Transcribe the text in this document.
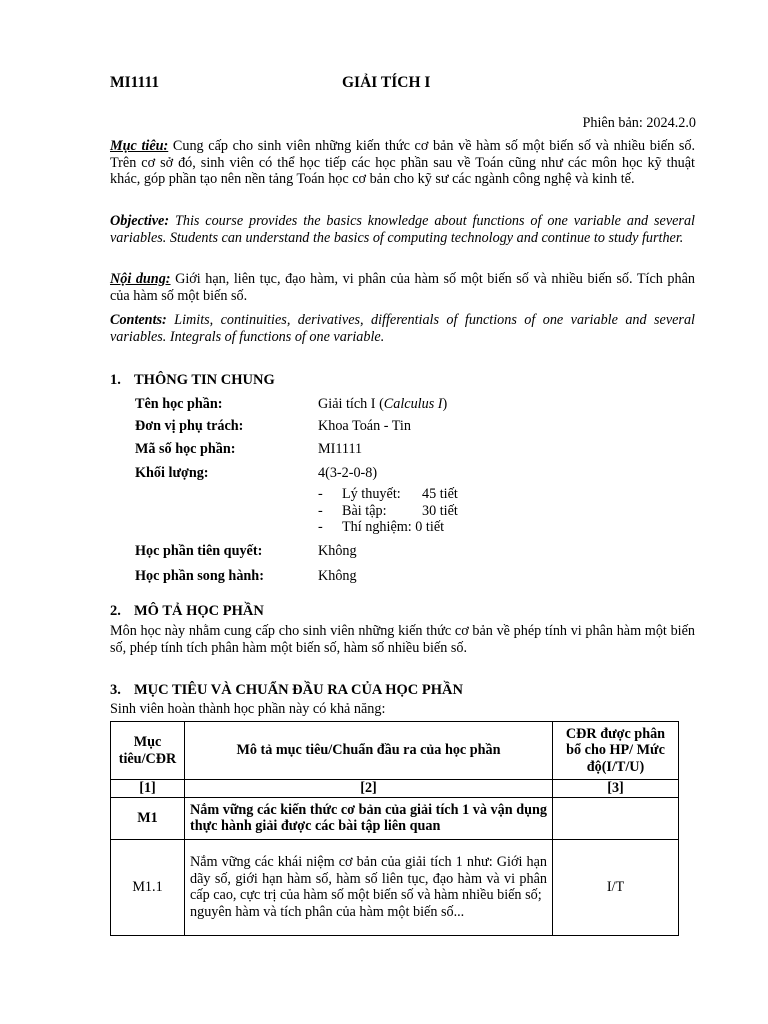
MI1111	GIẢI TÍCH I
Phiên bản: 2024.2.0
Mục tiêu: Cung cấp cho sinh viên những kiến thức cơ bản về hàm số một biến số và nhiều biến số. Trên cơ sở đó, sinh viên có thể học tiếp các học phần sau về Toán cũng như các môn học kỹ thuật khác, góp phần tạo nên nền tảng Toán học cơ bản cho kỹ sư các ngành công nghệ và kinh tế.
Objective: This course provides the basics knowledge about functions of one variable and several variables. Students can understand the basics of computing technology and continue to study further.
Nội dung: Giới hạn, liên tục, đạo hàm, vi phân của hàm số một biến số và nhiều biến số. Tích phân của hàm số một biến số.
Contents: Limits, continuities, derivatives, differentials of functions of one variable and several variables. Integrals of functions of one variable.
1. THÔNG TIN CHUNG
Tên học phần:	Giải tích I (Calculus I)
Đơn vị phụ trách:	Khoa Toán - Tin
Mã số học phần:	MI1111
Khối lượng:	4(3-2-0-8)
- Lý thuyết: 45 tiết
- Bài tập: 30 tiết
- Thí nghiệm: 0 tiết
Học phần tiên quyết:	Không
Học phần song hành:	Không
2. MÔ TẢ HỌC PHẦN
Môn học này nhằm cung cấp cho sinh viên những kiến thức cơ bản về phép tính vi phân hàm một biến số, phép tính tích phân hàm một biến số, hàm số nhiều biến số.
3. MỤC TIÊU VÀ CHUẨN ĐẦU RA CỦA HỌC PHẦN
Sinh viên hoàn thành học phần này có khả năng:
Mục tiêu/CĐR	Mô tả mục tiêu/Chuẩn đầu ra của học phần	CĐR được phân bổ cho HP/ Mức độ(I/T/U)
[1]	[2]	[3]
M1	Nắm vững các kiến thức cơ bản của giải tích 1 và vận dụng thực hành giải được các bài tập liên quan	
M1.1	Nắm vững các khái niệm cơ bản của giải tích 1 như: Giới hạn dãy số, giới hạn hàm số, hàm số liên tục, đạo hàm và vi phân cấp cao, cực trị của hàm số một biến số và hàm nhiều biến số;
nguyên hàm và tích phân của hàm một biến số...	I/T
